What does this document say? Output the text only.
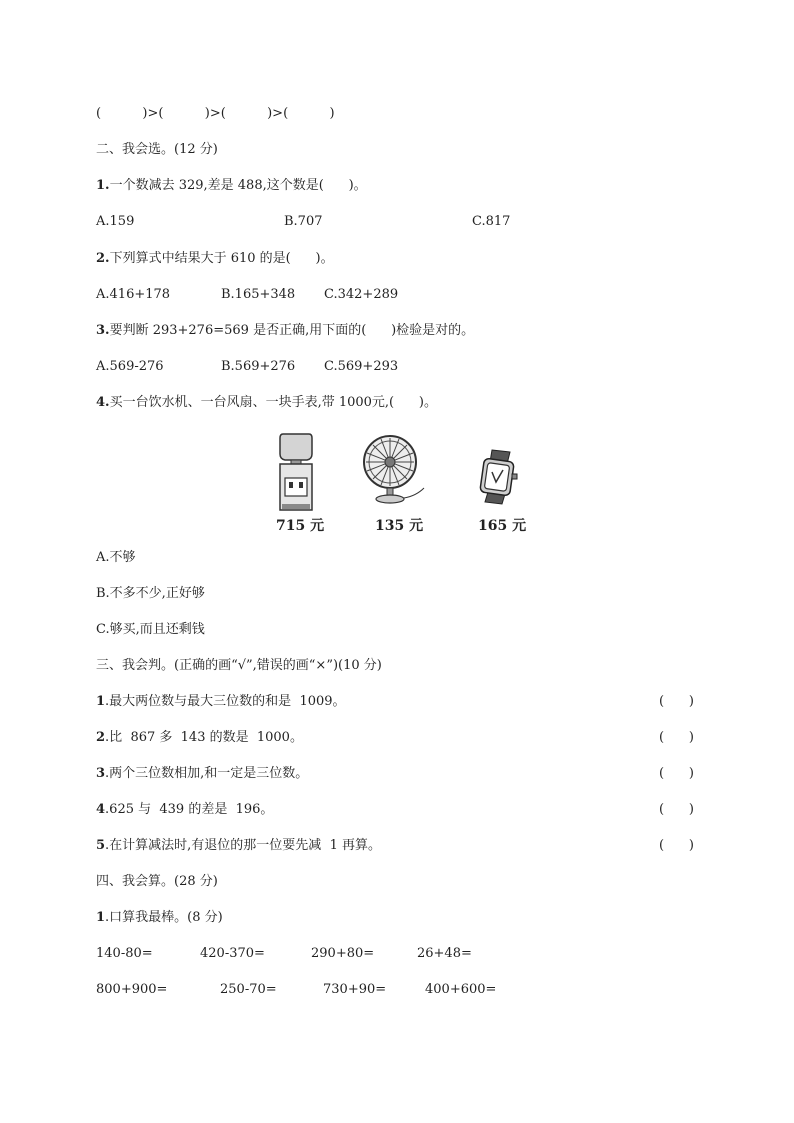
(          )>(          )>(          )>(          )
二、我会选。(12 分)
1.一个数减去 329,差是 488,这个数是(      )。
A.159	B.707	C.817
2.下列算式中结果大于 610 的是(      )。
A.416+178	B.165+348 C.342+289
3.要判断 293+276=569 是否正确,用下面的(      )检验是对的。
A.569-276	B.569+276 C.569+293
4.买一台饮水机、一台风扇、一块手表,带 1000元,(      )。
715 元	135 元	165 元
A.不够
B.不多不少,正好够
C.够买,而且还剩钱
三、我会判。(正确的画“√”,错误的画“×”)(10 分)
1.最大两位数与最大三位数的和是  1009。	(      )
2.比  867 多  143 的数是  1000。	(      )
3.两个三位数相加,和一定是三位数。	(      )
4.625 与  439 的差是  196。	(      )
5.在计算减法时,有退位的那一位要先减  1 再算。	(      )
四、我会算。(28 分)
1.口算我最棒。(8 分)
140-80=	420-370=	290+80=	26+48=
800+900=	250-70=	730+90=	400+600=
